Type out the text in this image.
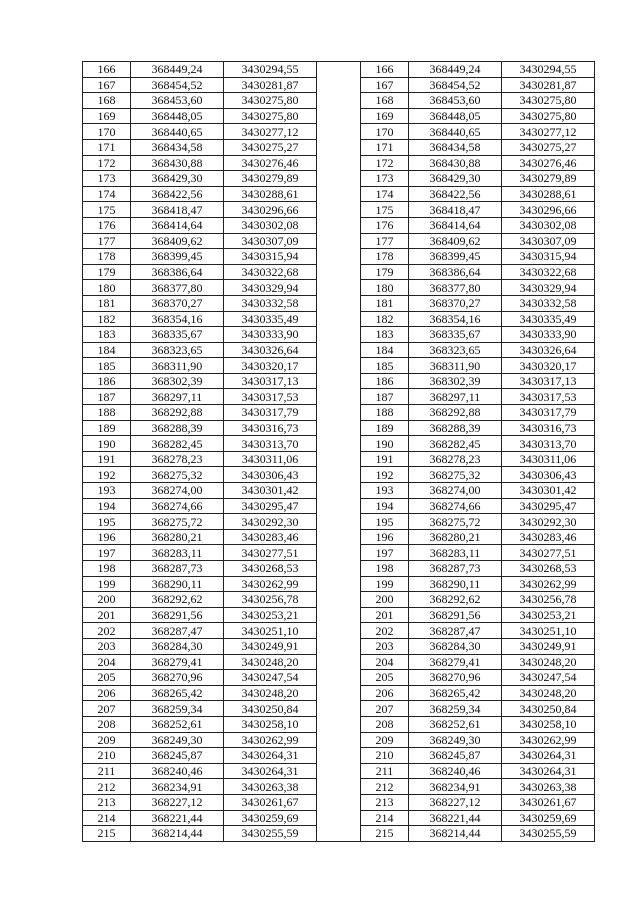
166	368449,24	3430294,55		166	368449,24	3430294,55
167	368454,52	3430281,87		167	368454,52	3430281,87
168	368453,60	3430275,80		168	368453,60	3430275,80
169	368448,05	3430275,80		169	368448,05	3430275,80
170	368440,65	3430277,12		170	368440,65	3430277,12
171	368434,58	3430275,27		171	368434,58	3430275,27
172	368430,88	3430276,46		172	368430,88	3430276,46
173	368429,30	3430279,89		173	368429,30	3430279,89
174	368422,56	3430288,61		174	368422,56	3430288,61
175	368418,47	3430296,66		175	368418,47	3430296,66
176	368414,64	3430302,08		176	368414,64	3430302,08
177	368409,62	3430307,09		177	368409,62	3430307,09
178	368399,45	3430315,94		178	368399,45	3430315,94
179	368386,64	3430322,68		179	368386,64	3430322,68
180	368377,80	3430329,94		180	368377,80	3430329,94
181	368370,27	3430332,58		181	368370,27	3430332,58
182	368354,16	3430335,49		182	368354,16	3430335,49
183	368335,67	3430333,90		183	368335,67	3430333,90
184	368323,65	3430326,64		184	368323,65	3430326,64
185	368311,90	3430320,17		185	368311,90	3430320,17
186	368302,39	3430317,13		186	368302,39	3430317,13
187	368297,11	3430317,53		187	368297,11	3430317,53
188	368292,88	3430317,79		188	368292,88	3430317,79
189	368288,39	3430316,73		189	368288,39	3430316,73
190	368282,45	3430313,70		190	368282,45	3430313,70
191	368278,23	3430311,06		191	368278,23	3430311,06
192	368275,32	3430306,43		192	368275,32	3430306,43
193	368274,00	3430301,42		193	368274,00	3430301,42
194	368274,66	3430295,47		194	368274,66	3430295,47
195	368275,72	3430292,30		195	368275,72	3430292,30
196	368280,21	3430283,46		196	368280,21	3430283,46
197	368283,11	3430277,51		197	368283,11	3430277,51
198	368287,73	3430268,53		198	368287,73	3430268,53
199	368290,11	3430262,99		199	368290,11	3430262,99
200	368292,62	3430256,78		200	368292,62	3430256,78
201	368291,56	3430253,21		201	368291,56	3430253,21
202	368287,47	3430251,10		202	368287,47	3430251,10
203	368284,30	3430249,91		203	368284,30	3430249,91
204	368279,41	3430248,20		204	368279,41	3430248,20
205	368270,96	3430247,54		205	368270,96	3430247,54
206	368265,42	3430248,20		206	368265,42	3430248,20
207	368259,34	3430250,84		207	368259,34	3430250,84
208	368252,61	3430258,10		208	368252,61	3430258,10
209	368249,30	3430262,99		209	368249,30	3430262,99
210	368245,87	3430264,31		210	368245,87	3430264,31
211	368240,46	3430264,31		211	368240,46	3430264,31
212	368234,91	3430263,38		212	368234,91	3430263,38
213	368227,12	3430261,67		213	368227,12	3430261,67
214	368221,44	3430259,69		214	368221,44	3430259,69
215	368214,44	3430255,59		215	368214,44	3430255,59
